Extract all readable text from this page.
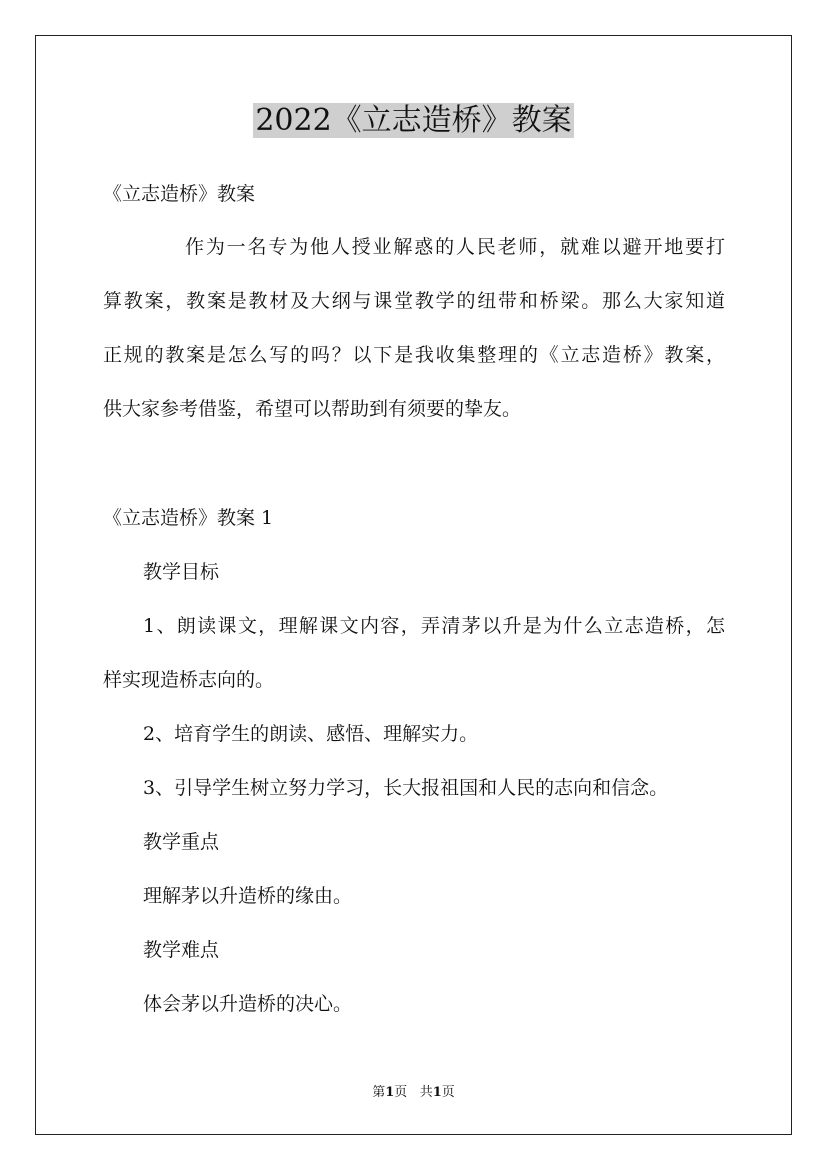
2022《立志造桥》教案
《立志造桥》教案
作为一名专为他人授业解惑的人民老师，就难以避开地要打
算教案，教案是教材及大纲与课堂教学的纽带和桥梁。那么大家知道
正规的教案是怎么写的吗？以下是我收集整理的《立志造桥》教案，
供大家参考借鉴，希望可以帮助到有须要的挚友。
《立志造桥》教案 1
教学目标
1、朗读课文，理解课文内容，弄清茅以升是为什么立志造桥，怎
样实现造桥志向的。
2、培育学生的朗读、感悟、理解实力。
3、引导学生树立努力学习，长大报祖国和人民的志向和信念。
教学重点
理解茅以升造桥的缘由。
教学难点
体会茅以升造桥的决心。
第1页 共1页
